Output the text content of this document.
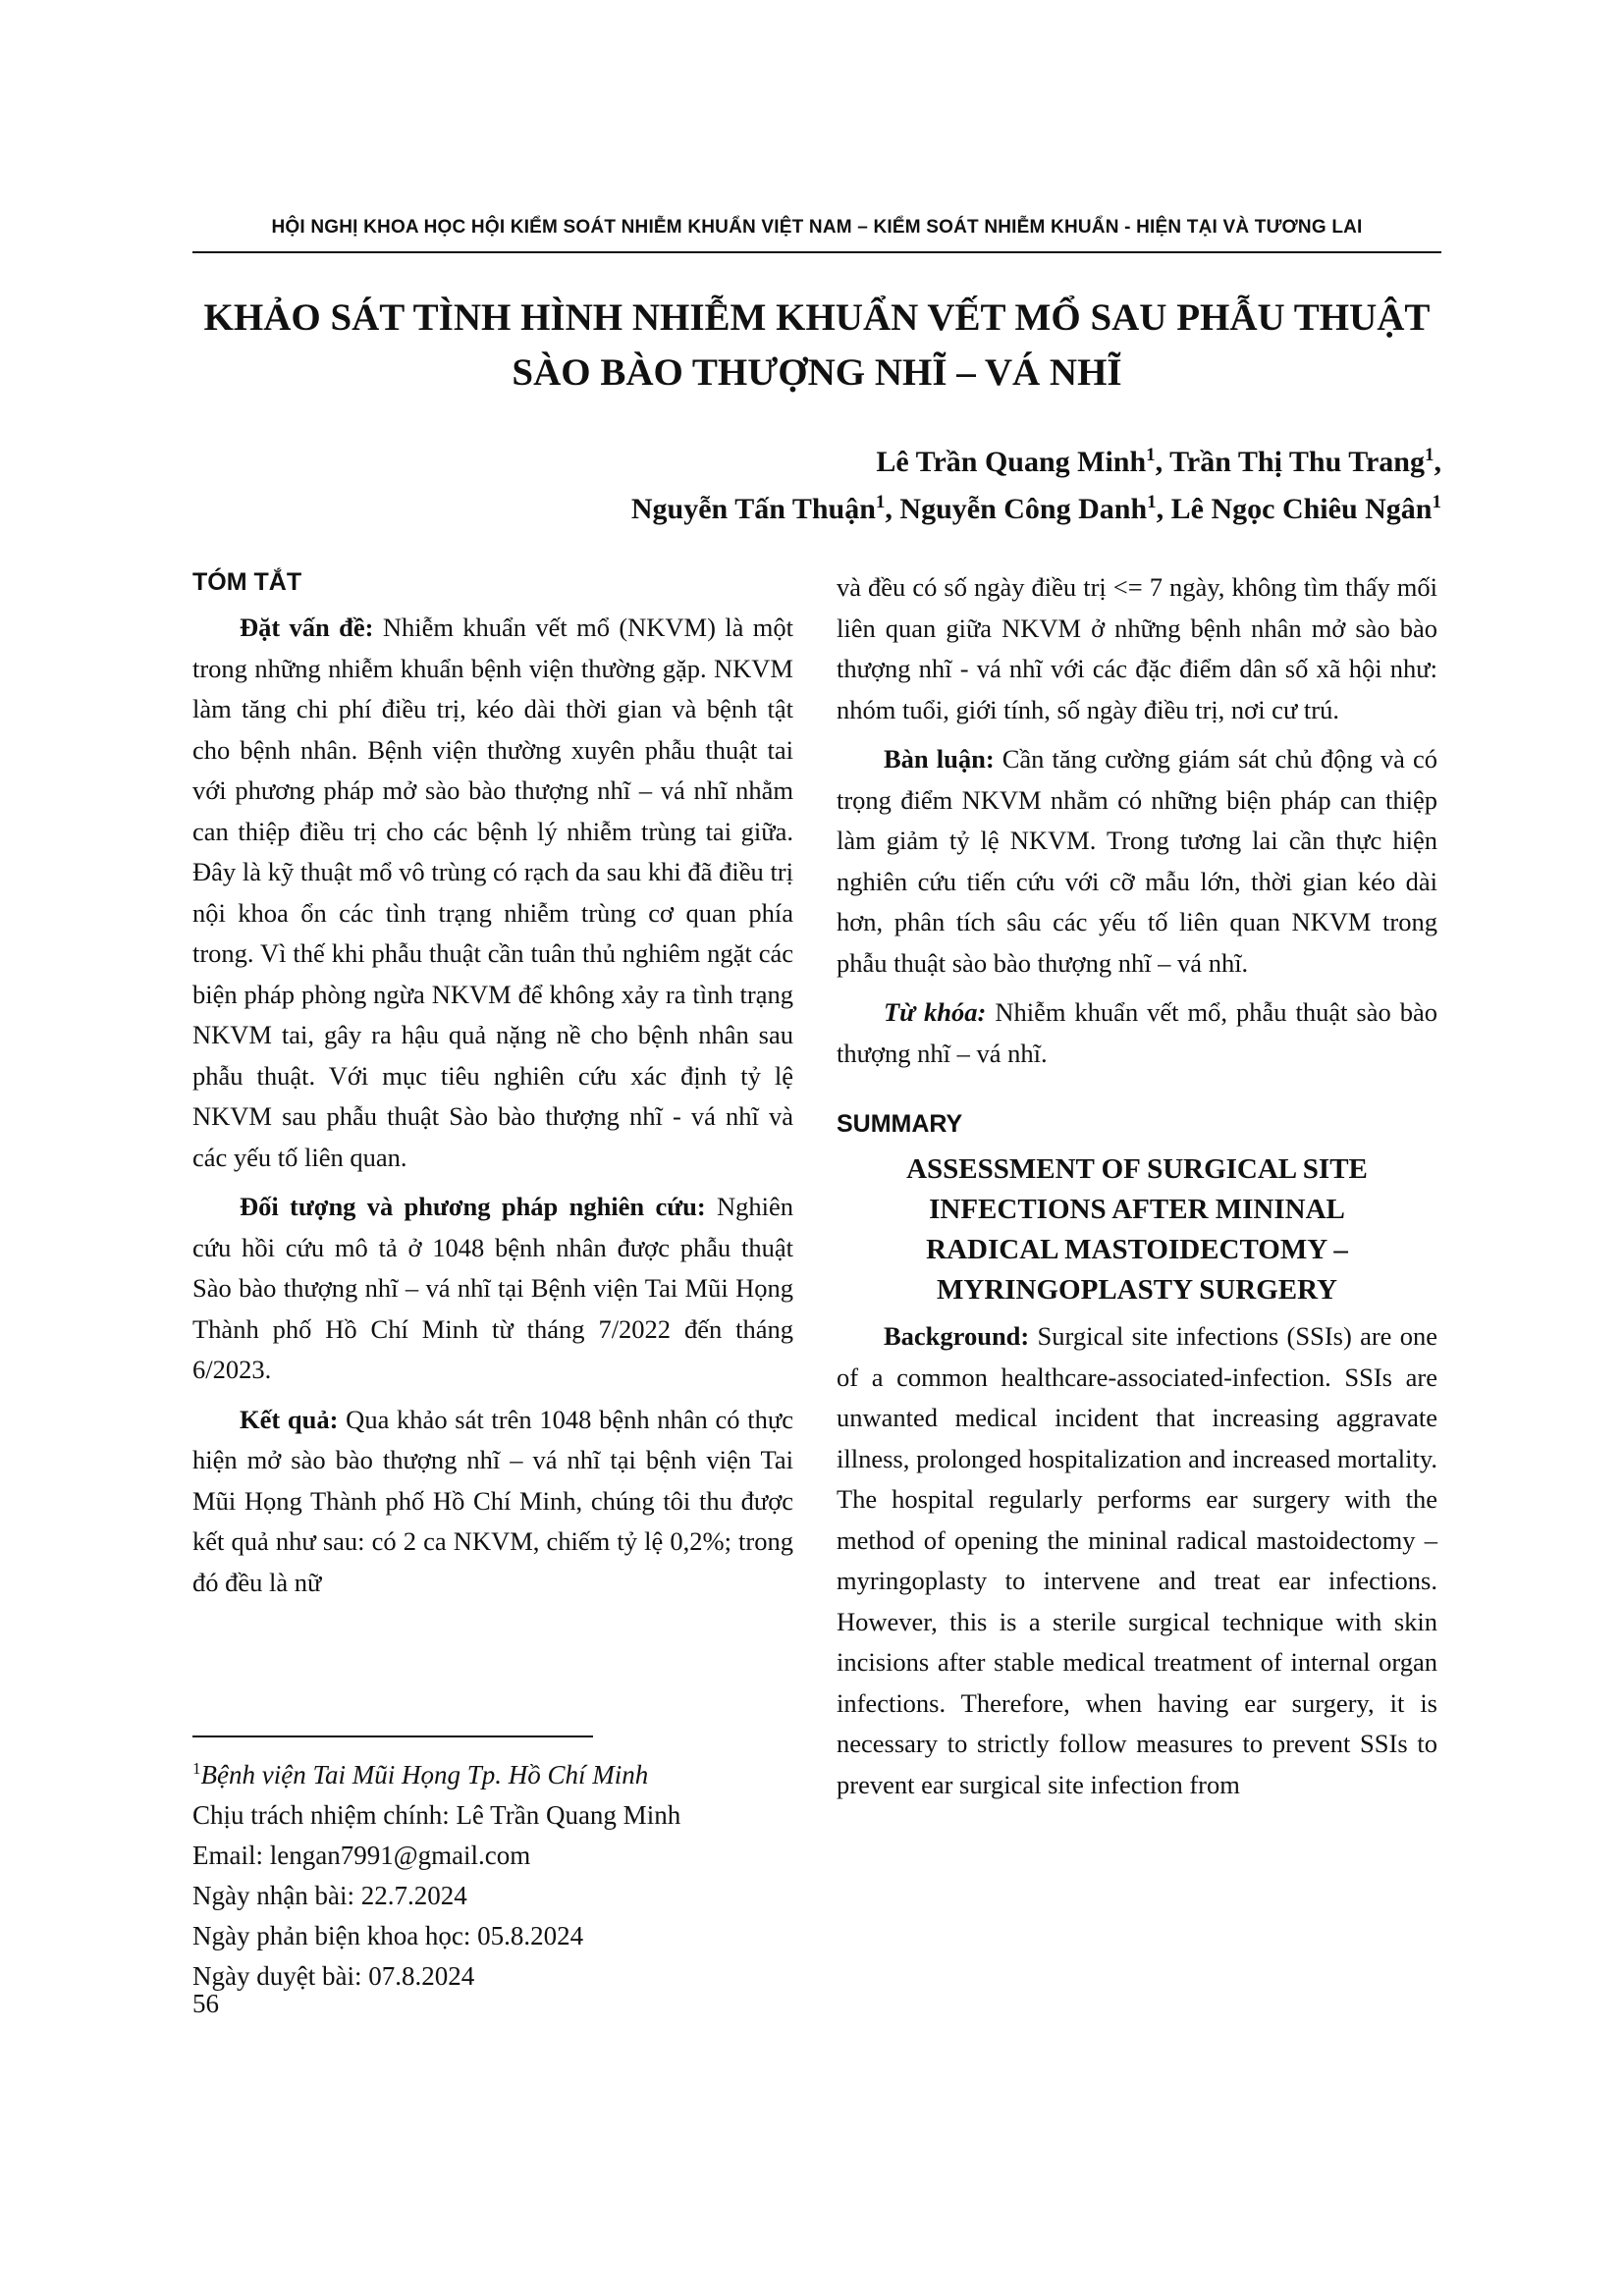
HỘI NGHỊ KHOA HỌC HỘI KIỂM SOÁT NHIỄM KHUẨN VIỆT NAM – KIỂM SOÁT NHIỄM KHUẨN - HIỆN TẠI VÀ TƯƠNG LAI
KHẢO SÁT TÌNH HÌNH NHIỄM KHUẨN VẾT MỔ SAU PHẪU THUẬT
SÀO BÀO THƯỢNG NHĨ – VÁ NHĨ
Lê Trần Quang Minh$^1$, Trần Thị Thu Trang$^1$,
Nguyễn Tấn Thuận$^1$, Nguyễn Công Danh$^1$, Lê Ngọc Chiêu Ngân$^1$
TÓM TẮT

Đặt vấn đề: Nhiễm khuẩn vết mổ (NKVM) là một trong những nhiễm khuẩn bệnh viện thường gặp. NKVM làm tăng chi phí điều trị, kéo dài thời gian và bệnh tật cho bệnh nhân. Bệnh viện thường xuyên phẫu thuật tai với phương pháp mở sào bào thượng nhĩ – vá nhĩ nhằm can thiệp điều trị cho các bệnh lý nhiễm trùng tai giữa. Đây là kỹ thuật mổ vô trùng có rạch da sau khi đã điều trị nội khoa ổn các tình trạng nhiễm trùng cơ quan phía trong. Vì thế khi phẫu thuật cần tuân thủ nghiêm ngặt các biện pháp phòng ngừa NKVM để không xảy ra tình trạng NKVM tai, gây ra hậu quả nặng nề cho bệnh nhân sau phẫu thuật. Với mục tiêu nghiên cứu xác định tỷ lệ NKVM sau phẫu thuật Sào bào thượng nhĩ - vá nhĩ và các yếu tố liên quan.

Đối tượng và phương pháp nghiên cứu: Nghiên cứu hồi cứu mô tả ở 1048 bệnh nhân được phẫu thuật Sào bào thượng nhĩ – vá nhĩ tại Bệnh viện Tai Mũi Họng Thành phố Hồ Chí Minh từ tháng 7/2022 đến tháng 6/2023.

Kết quả: Qua khảo sát trên 1048 bệnh nhân có thực hiện mở sào bào thượng nhĩ – vá nhĩ tại bệnh viện Tai Mũi Họng Thành phố Hồ Chí Minh, chúng tôi thu được kết quả như sau: có 2 ca NKVM, chiếm tỷ lệ 0,2%; trong đó đều là nữ

và đều có số ngày điều trị <= 7 ngày, không tìm thấy mối liên quan giữa NKVM ở những bệnh nhân mở sào bào thượng nhĩ - vá nhĩ với các đặc điểm dân số xã hội như: nhóm tuổi, giới tính, số ngày điều trị, nơi cư trú.

Bàn luận: Cần tăng cường giám sát chủ động và có trọng điểm NKVM nhằm có những biện pháp can thiệp làm giảm tỷ lệ NKVM. Trong tương lai cần thực hiện nghiên cứu tiến cứu với cỡ mẫu lớn, thời gian kéo dài hơn, phân tích sâu các yếu tố liên quan NKVM trong phẫu thuật sào bào thượng nhĩ – vá nhĩ.

Từ khóa: Nhiễm khuẩn vết mổ, phẫu thuật sào bào thượng nhĩ – vá nhĩ.

SUMMARY
ASSESSMENT OF SURGICAL SITE
INFECTIONS AFTER MININAL
RADICAL MASTOIDECTOMY –
MYRINGOPLASTY SURGERY

Background: Surgical site infections (SSIs) are one of a common healthcare-associated-infection. SSIs are unwanted medical incident that increasing aggravate illness, prolonged hospitalization and increased mortality. The hospital regularly performs ear surgery with the method of opening the mininal radical mastoidectomy – myringoplasty to intervene and treat ear infections. However, this is a sterile surgical technique with skin incisions after stable medical treatment of internal organ infections. Therefore, when having ear surgery, it is necessary to strictly follow measures to prevent SSIs to prevent ear surgical site infection from

$^1$Bệnh viện Tai Mũi Họng Tp. Hồ Chí Minh
Chịu trách nhiệm chính: Lê Trần Quang Minh
Email: lengan7991@gmail.com
Ngày nhận bài: 22.7.2024
Ngày phản biện khoa học: 05.8.2024
Ngày duyệt bài: 07.8.2024
56
